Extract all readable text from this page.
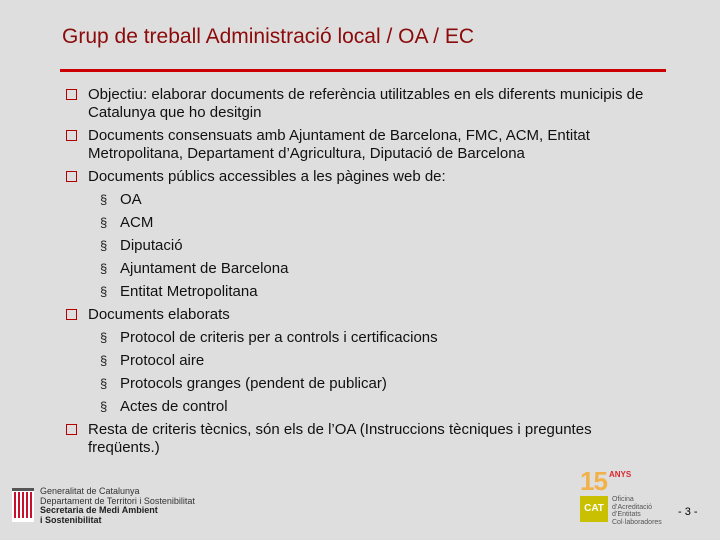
Grup de treball Administració local / OA / EC
Objectiu: elaborar documents de referència utilitzables en els diferents municipis de Catalunya que ho desitgin
Documents consensuats amb Ajuntament de Barcelona, FMC, ACM, Entitat Metropolitana, Departament d’Agricultura, Diputació de Barcelona
Documents públics accessibles a les pàgines web de:
§ OA
§ ACM
§ Diputació
§ Ajuntament de Barcelona
§ Entitat Metropolitana
Documents elaborats
§ Protocol de criteris per a controls i certificacions
§ Protocol aire
§ Protocols granges (pendent de publicar)
§ Actes de control
Resta de criteris tècnics, són els de l’OA (Instruccions tècniques i preguntes freqüents.)
Generalitat de Catalunya
Departament de Territori i Sostenibilitat
Secretaria de Medi Ambient
i Sostenibilitat
15 ANYS
CAT
Oficina
d’Acreditació
d’Entitats
Col·laboradores
- 3 -
